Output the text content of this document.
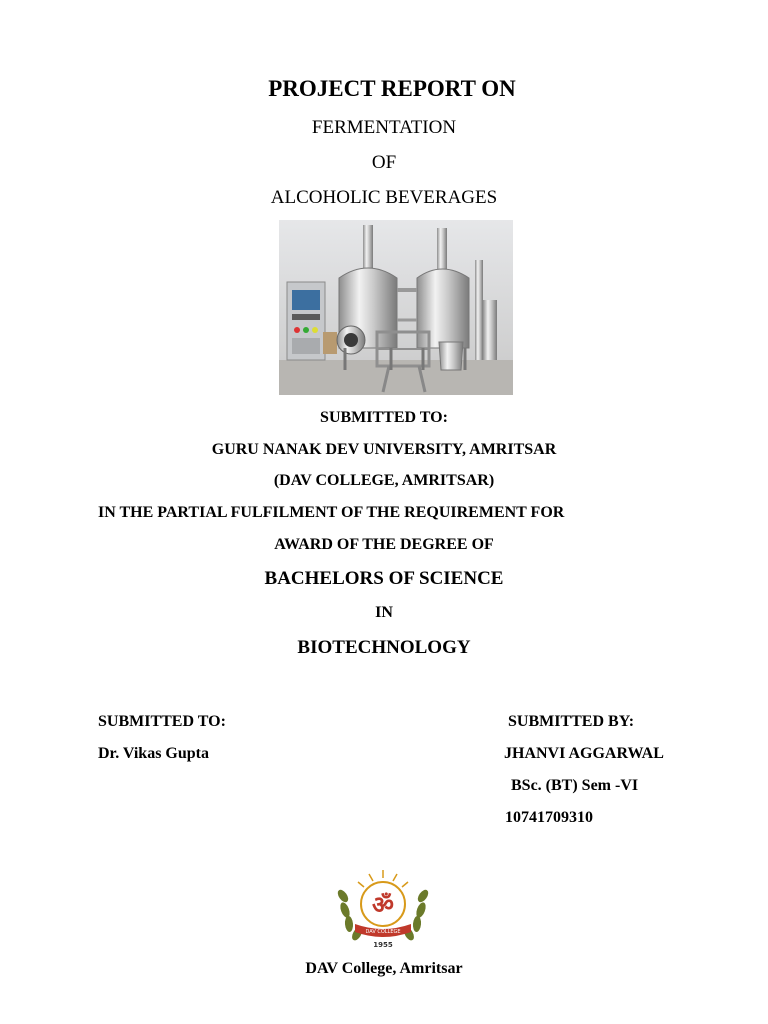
PROJECT REPORT ON
FERMENTATION
OF
ALCOHOLIC BEVERAGES
SUBMITTED TO:
GURU NANAK DEV UNIVERSITY, AMRITSAR
(DAV COLLEGE, AMRITSAR)
IN THE PARTIAL FULFILMENT OF THE REQUIREMENT FOR
AWARD OF THE DEGREE OF
BACHELORS OF SCIENCE
IN
BIOTECHNOLOGY
SUBMITTED TO:
Dr. Vikas Gupta
SUBMITTED BY:
JHANVI AGGARWAL
BSc. (BT) Sem -VI
10741709310
ॐ
DAV COLLEGE
1955
DAV College, Amritsar
